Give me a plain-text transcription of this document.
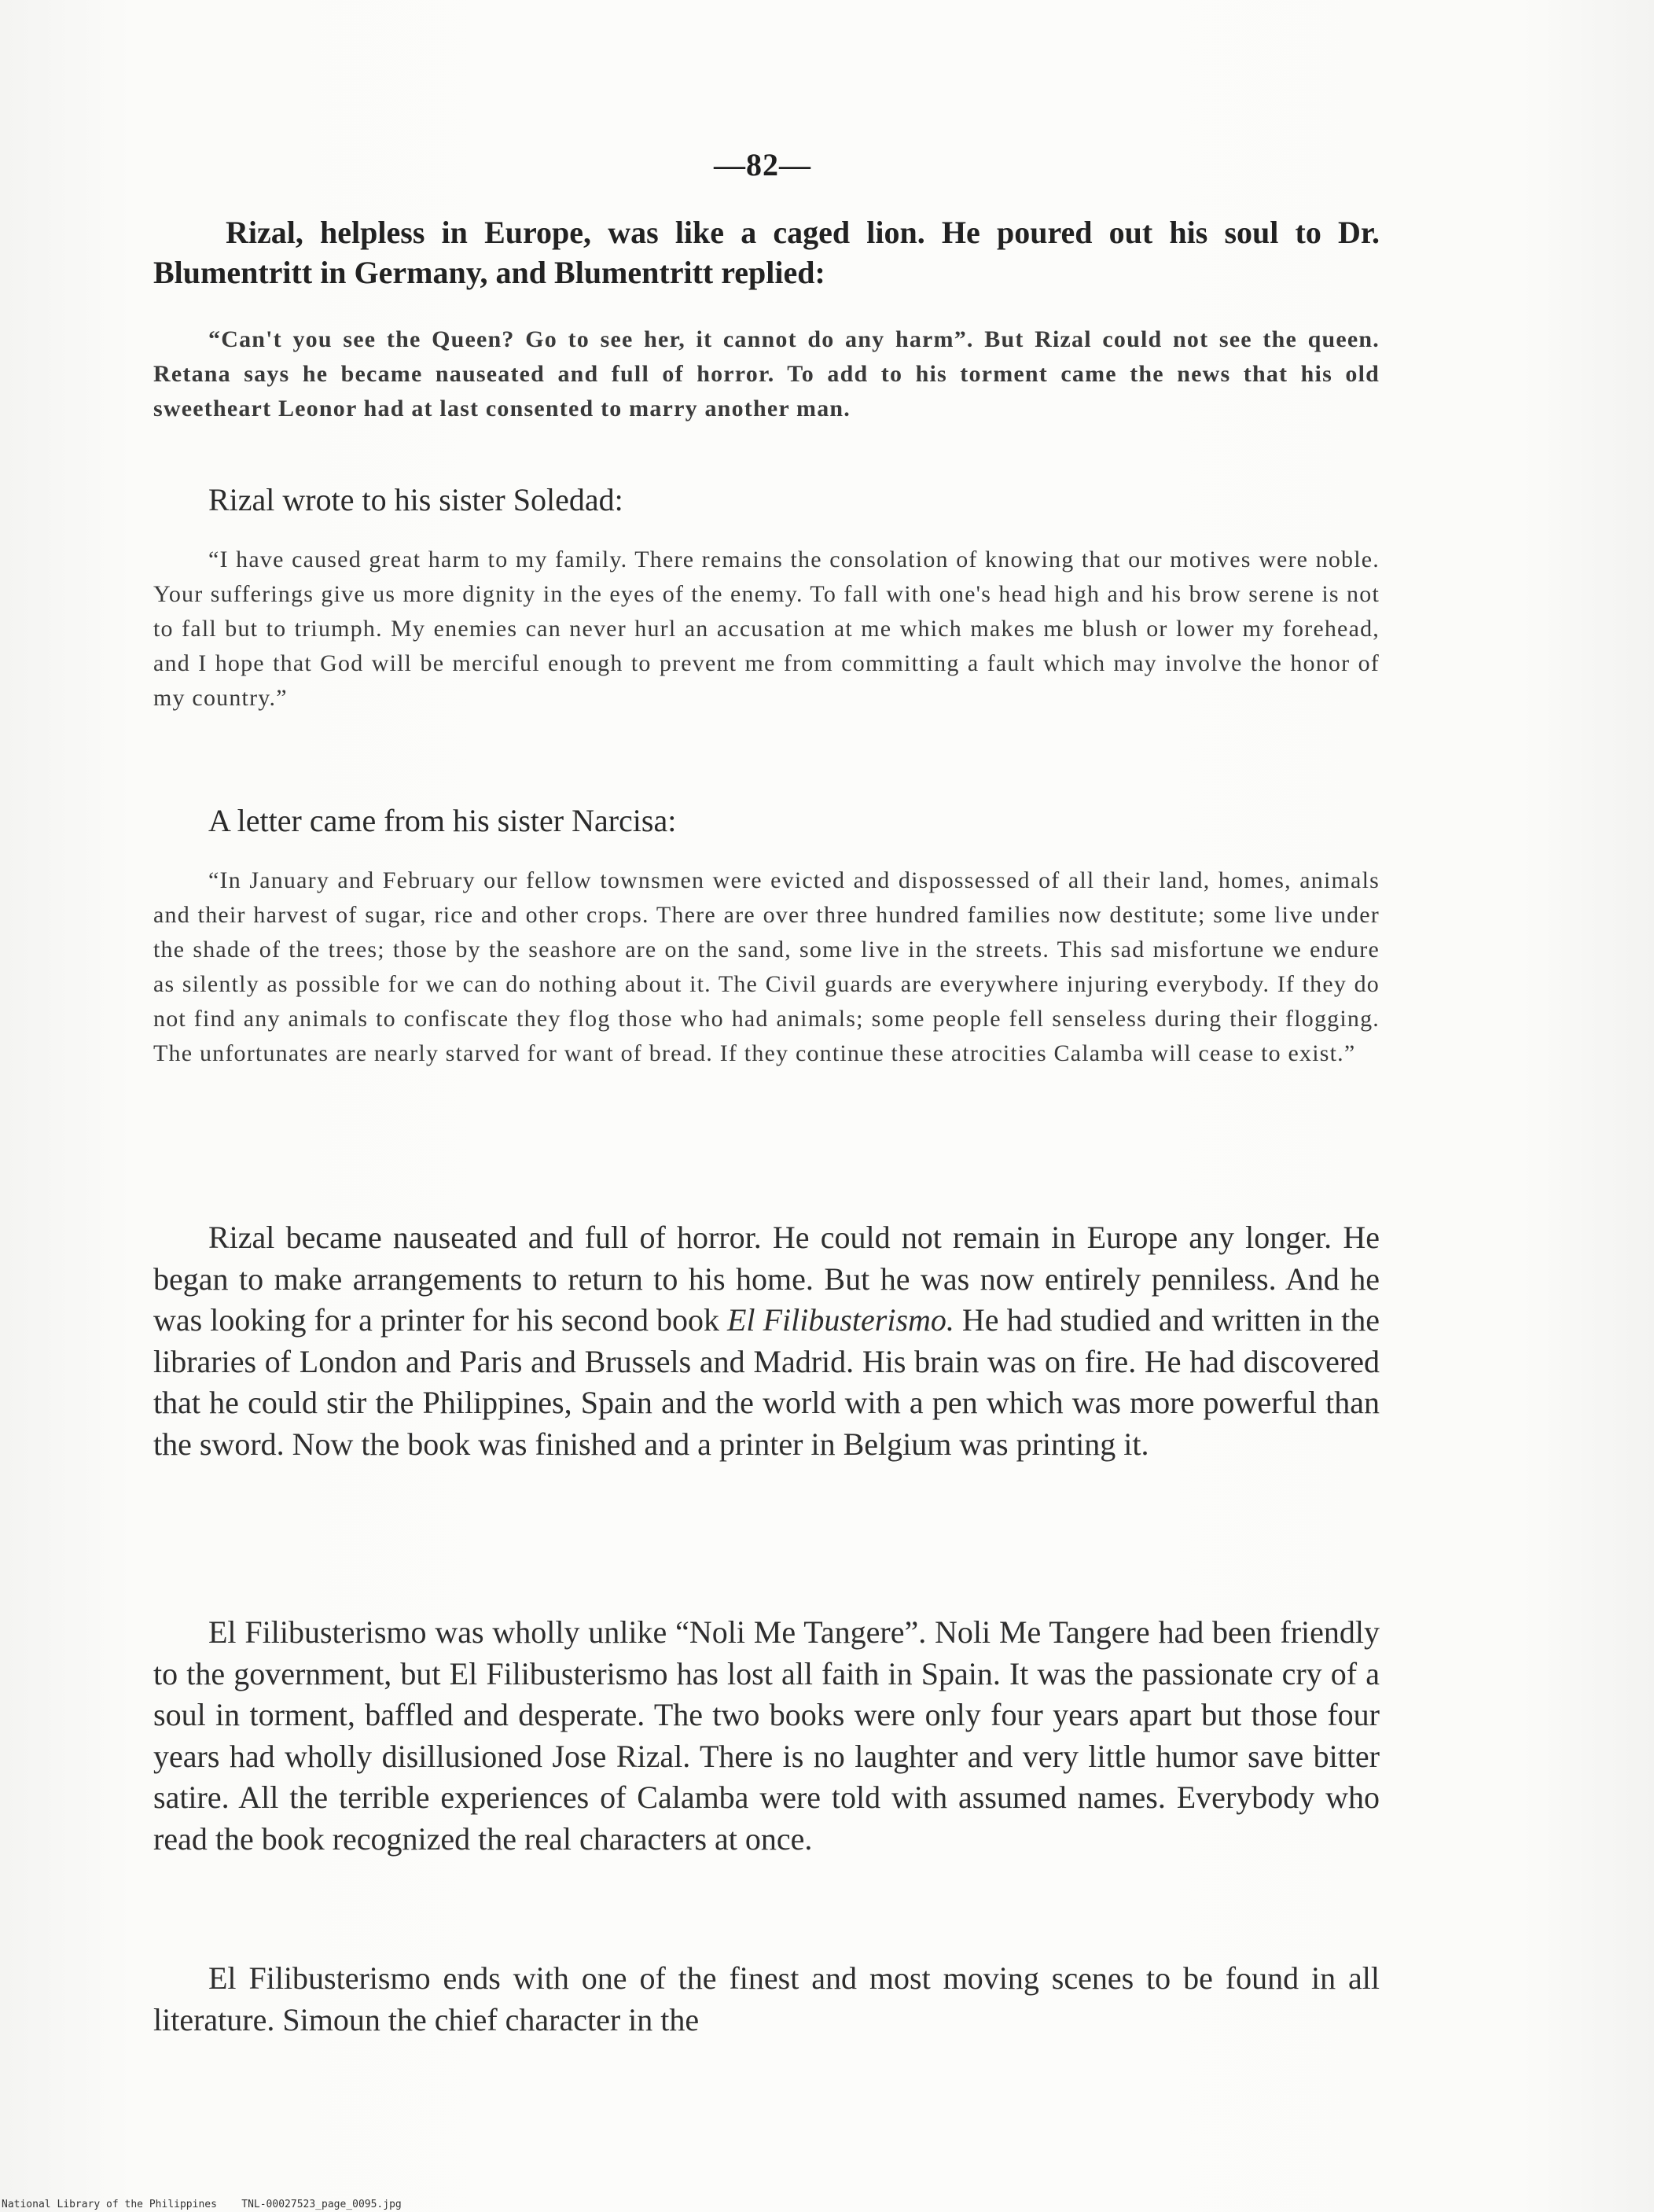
—82—

Rizal, helpless in Europe, was like a caged lion. He poured out his soul to Dr. Blumentritt in Germany, and Blumentritt replied:

“Can't you see the Queen? Go to see her, it cannot do any harm”. But Rizal could not see the queen. Retana says he became nauseated and full of horror. To add to his torment came the news that his old sweetheart Leonor had at last consented to marry another man.

Rizal wrote to his sister Soledad:

“I have caused great harm to my family. There remains the consolation of knowing that our motives were noble. Your sufferings give us more dignity in the eyes of the enemy. To fall with one's head high and his brow serene is not to fall but to triumph. My enemies can never hurl an accusation at me which makes me blush or lower my forehead, and I hope that God will be merciful enough to prevent me from committing a fault which may involve the honor of my country.”

A letter came from his sister Narcisa:

“In January and February our fellow townsmen were evicted and dispossessed of all their land, homes, animals and their harvest of sugar, rice and other crops. There are over three hundred families now destitute; some live under the shade of the trees; those by the seashore are on the sand, some live in the streets. This sad misfortune we endure as silently as possible for we can do nothing about it. The Civil guards are everywhere injuring everybody. If they do not find any animals to confiscate they flog those who had animals; some people fell senseless during their flogging. The unfortunates are nearly starved for want of bread. If they continue these atrocities Calamba will cease to exist.”

Rizal became nauseated and full of horror. He could not remain in Europe any longer. He began to make arrangements to return to his home. But he was now entirely penniless. And he was looking for a printer for his second book El Filibusterismo. He had studied and written in the libraries of London and Paris and Brussels and Madrid. His brain was on fire. He had discovered that he could stir the Philippines, Spain and the world with a pen which was more powerful than the sword. Now the book was finished and a printer in Belgium was printing it.

El Filibusterismo was wholly unlike “Noli Me Tangere”. Noli Me Tangere had been friendly to the government, but El Filibusterismo has lost all faith in Spain. It was the passionate cry of a soul in torment, baffled and desperate. The two books were only four years apart but those four years had wholly disillusioned Jose Rizal. There is no laughter and very little humor save bitter satire. All the terrible experiences of Calamba were told with assumed names. Everybody who read the book recognized the real characters at once.

El Filibusterismo ends with one of the finest and most moving scenes to be found in all literature. Simoun the chief character in the

National Library of the Philippines TNL-00027523_page_0095.jpg
